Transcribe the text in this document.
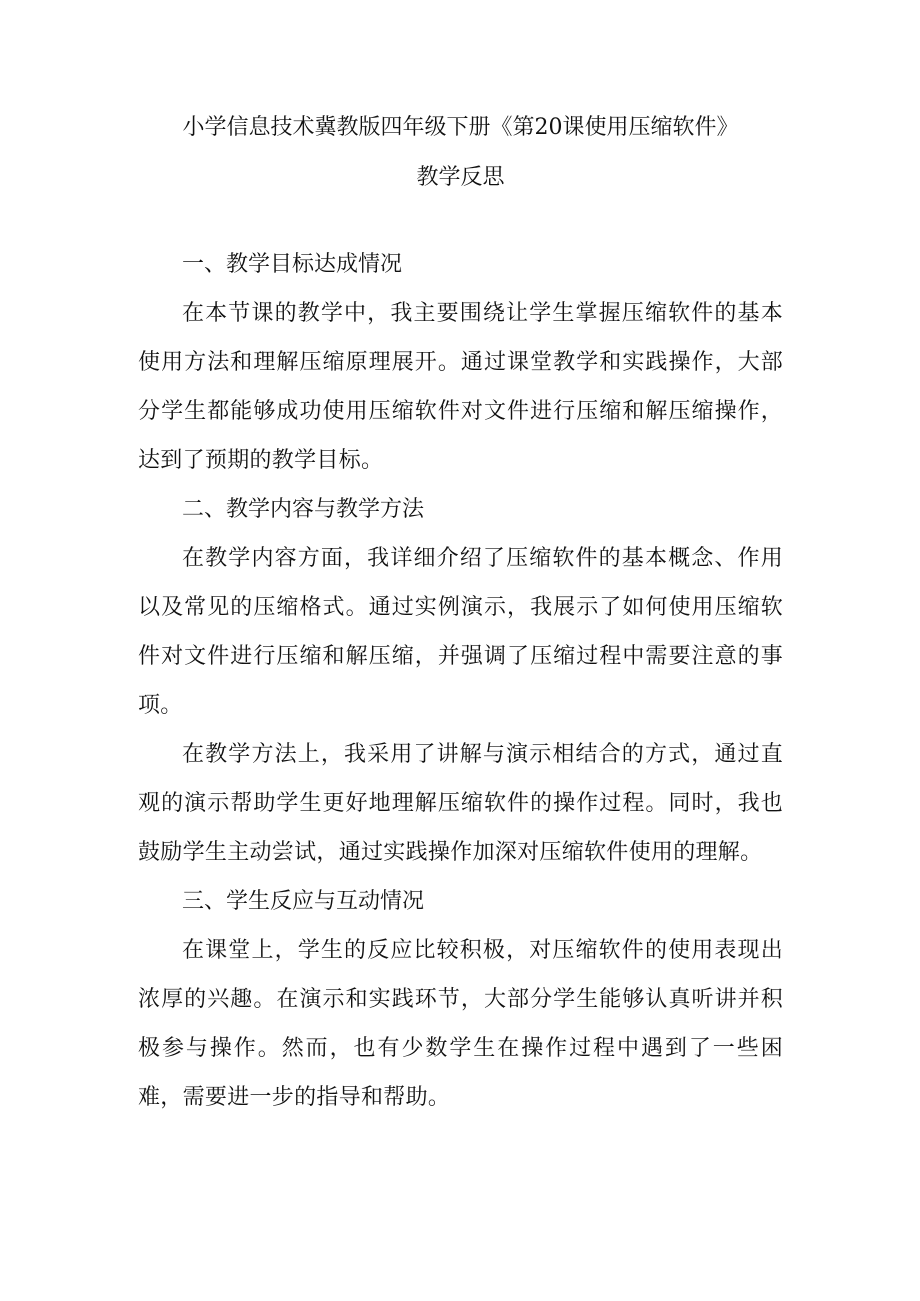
小学信息技术冀教版四年级下册《第20课使用压缩软件》
教学反思

一、教学目标达成情况

在本节课的教学中，我主要围绕让学生掌握压缩软件的基本使用方法和理解压缩原理展开。通过课堂教学和实践操作，大部分学生都能够成功使用压缩软件对文件进行压缩和解压缩操作，达到了预期的教学目标。

二、教学内容与教学方法

在教学内容方面，我详细介绍了压缩软件的基本概念、作用以及常见的压缩格式。通过实例演示，我展示了如何使用压缩软件对文件进行压缩和解压缩，并强调了压缩过程中需要注意的事项。

在教学方法上，我采用了讲解与演示相结合的方式，通过直观的演示帮助学生更好地理解压缩软件的操作过程。同时，我也鼓励学生主动尝试，通过实践操作加深对压缩软件使用的理解。

三、学生反应与互动情况

在课堂上，学生的反应比较积极，对压缩软件的使用表现出浓厚的兴趣。在演示和实践环节，大部分学生能够认真听讲并积极参与操作。然而，也有少数学生在操作过程中遇到了一些困难，需要进一步的指导和帮助。
